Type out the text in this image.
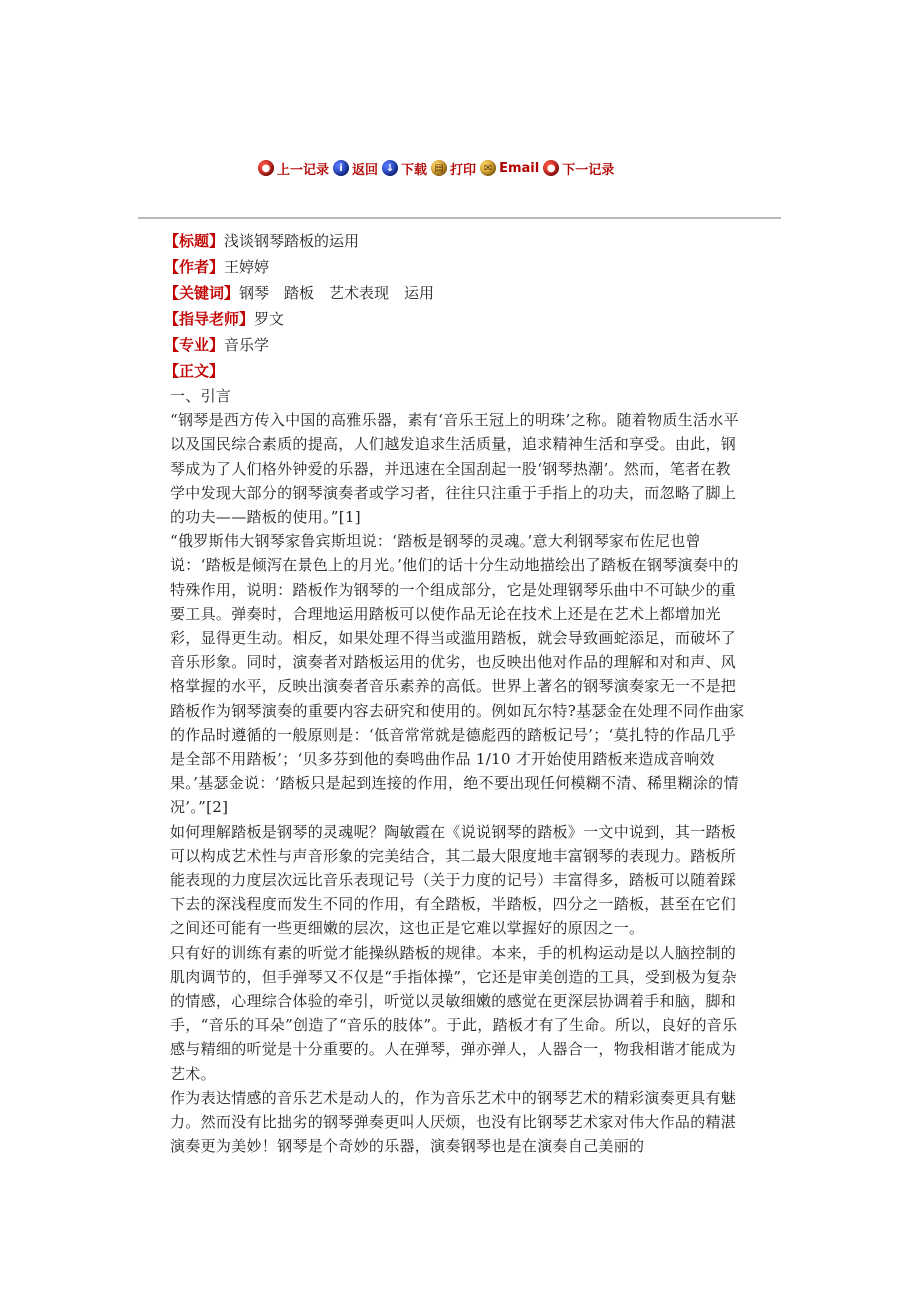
● 上一记录	i 返回 ↓ 下载 ▤ 打印 ✉ Email ● 下一记录
【标题】浅谈钢琴踏板的运用
【作者】王婷婷
【关键词】钢琴　踏板　艺术表现　运用
【指导老师】罗文
【专业】音乐学
【正文】

一、引言

“钢琴是西方传入中国的高雅乐器，素有‘音乐王冠上的明珠’之称。随着物质生活水平以及国民综合素质的提高，人们越发追求生活质量，追求精神生活和享受。由此，钢琴成为了人们格外钟爱的乐器，并迅速在全国刮起一股‘钢琴热潮’。然而，笔者在教学中发现大部分的钢琴演奏者或学习者，往往只注重于手指上的功夫，而忽略了脚上的功夫——踏板的使用。”[1]

“俄罗斯伟大钢琴家鲁宾斯坦说：‘踏板是钢琴的灵魂。’意大利钢琴家布佐尼也曾说：‘踏板是倾泻在景色上的月光。’他们的话十分生动地描绘出了踏板在钢琴演奏中的特殊作用，说明：踏板作为钢琴的一个组成部分，它是处理钢琴乐曲中不可缺少的重要工具。弹奏时，合理地运用踏板可以使作品无论在技术上还是在艺术上都增加光彩，显得更生动。相反，如果处理不得当或滥用踏板，就会导致画蛇添足，而破坏了音乐形象。同时，演奏者对踏板运用的优劣，也反映出他对作品的理解和对和声、风格掌握的水平，反映出演奏者音乐素养的高低。世界上著名的钢琴演奏家无一不是把踏板作为钢琴演奏的重要内容去研究和使用的。例如瓦尔特?基瑟金在处理不同作曲家的作品时遵循的一般原则是：‘低音常常就是德彪西的踏板记号’；‘莫扎特的作品几乎是全部不用踏板’；‘贝多芬到他的奏鸣曲作品 1/10 才开始使用踏板来造成音响效果。’基瑟金说：‘踏板只是起到连接的作用，绝不要出现任何模糊不清、稀里糊涂的情况’。”[2]

如何理解踏板是钢琴的灵魂呢？陶敏霞在《说说钢琴的踏板》一文中说到，其一踏板可以构成艺术性与声音形象的完美结合，其二最大限度地丰富钢琴的表现力。踏板所能表现的力度层次远比音乐表现记号（关于力度的记号）丰富得多，踏板可以随着踩下去的深浅程度而发生不同的作用，有全踏板，半踏板，四分之一踏板，甚至在它们之间还可能有一些更细嫩的层次，这也正是它难以掌握好的原因之一。

只有好的训练有素的听觉才能操纵踏板的规律。本来，手的机构运动是以人脑控制的肌肉调节的，但手弹琴又不仅是“手指体操”，它还是审美创造的工具，受到极为复杂的情感，心理综合体验的牵引，听觉以灵敏细嫩的感觉在更深层协调着手和脑，脚和手，“音乐的耳朵”创造了“音乐的肢体”。于此，踏板才有了生命。所以，良好的音乐感与精细的听觉是十分重要的。人在弹琴，弹亦弹人，人器合一，物我相谐才能成为艺术。

作为表达情感的音乐艺术是动人的，作为音乐艺术中的钢琴艺术的精彩演奏更具有魅力。然而没有比拙劣的钢琴弹奏更叫人厌烦，也没有比钢琴艺术家对伟大作品的精湛演奏更为美妙！钢琴是个奇妙的乐器，演奏钢琴也是在演奏自己美丽的
